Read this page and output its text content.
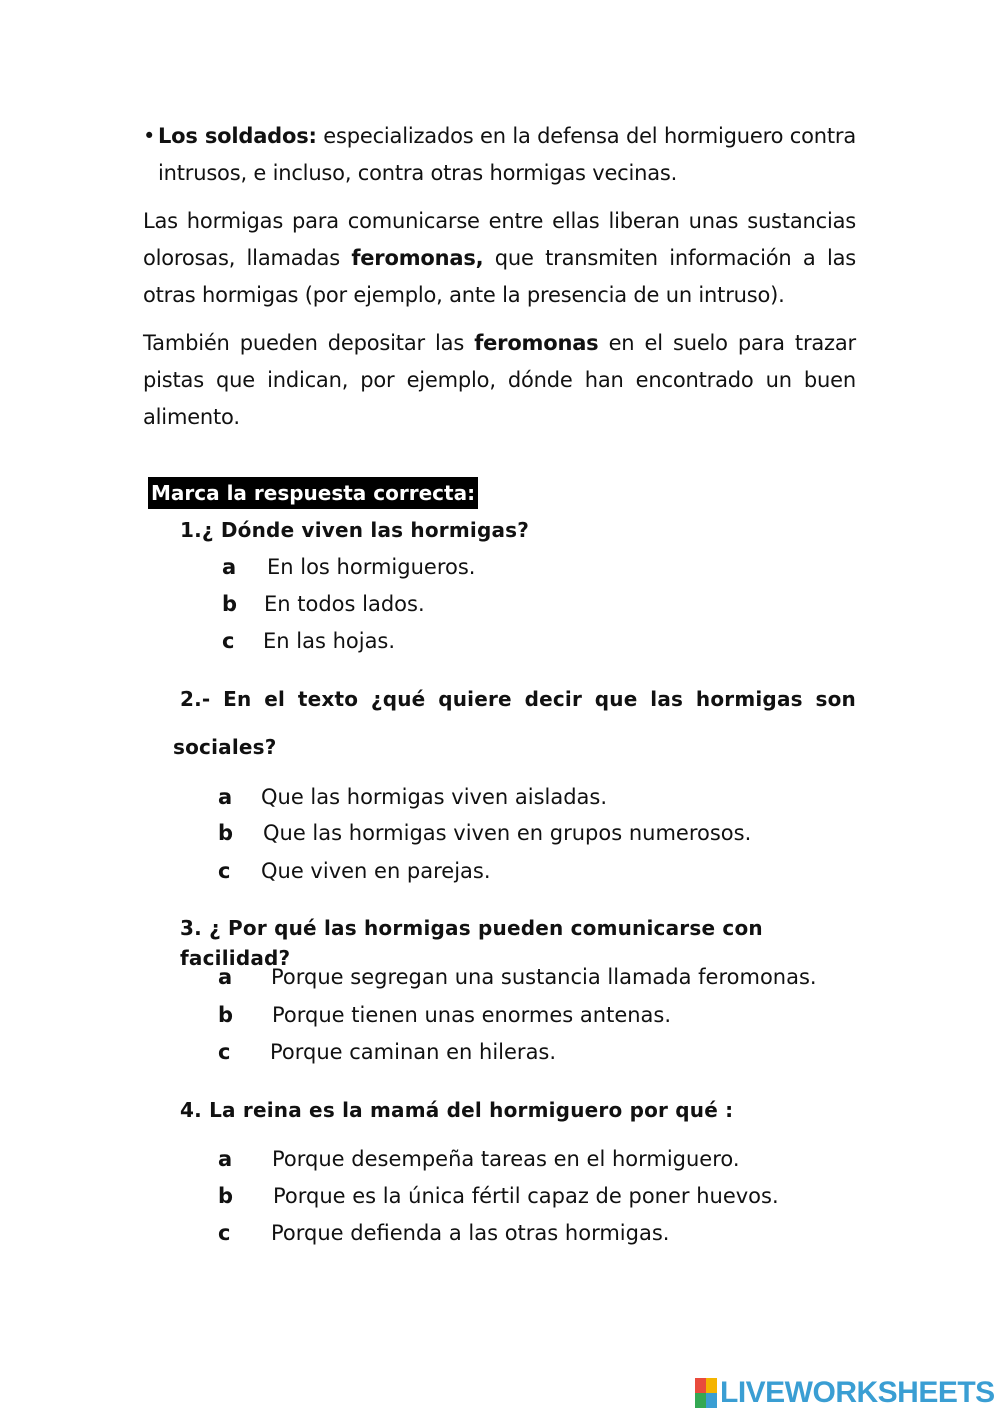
• Los soldados: especializados en la defensa del hormiguero contra intrusos, e incluso, contra otras hormigas vecinas.
Las hormigas para comunicarse entre ellas liberan unas sustancias olorosas, llamadas feromonas, que transmiten información a las otras hormigas (por ejemplo, ante la presencia de un intruso).
También pueden depositar las feromonas en el suelo para trazar pistas que indican, por ejemplo, dónde han encontrado un buen alimento.
Marca la respuesta correcta:
1.¿ Dónde viven las hormigas?
a En los hormigueros.
b En todos lados.
c En las hojas.
2.- En el texto ¿qué quiere decir que las hormigas son sociales?
a Que las hormigas viven aisladas.
b Que las hormigas viven en grupos numerosos.
c Que viven en parejas.
3. ¿ Por qué las hormigas pueden comunicarse con facilidad?
a Porque segregan una sustancia llamada feromonas.
b Porque tienen unas enormes antenas.
c Porque caminan en hileras.
4. La reina es la mamá del hormiguero por qué :
a Porque desempeña tareas en el hormiguero.
b Porque es la única fértil capaz de poner huevos.
c Porque defienda a las otras hormigas.
LIVEWORKSHEETS
